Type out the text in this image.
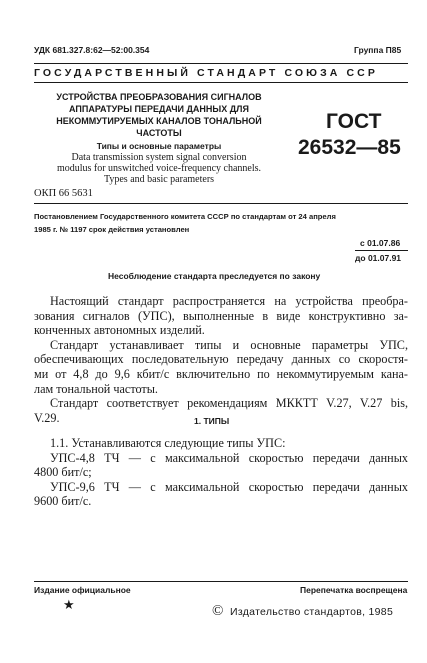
УДК 681.327.8:62—52:00.354	Группа П85

ГОСУДАРСТВЕННЫЙ СТАНДАРТ СОЮЗА ССР

УСТРОЙСТВА ПРЕОБРАЗОВАНИЯ СИГНАЛОВ
АППАРАТУРЫ ПЕРЕДАЧИ ДАННЫХ ДЛЯ
НЕКОММУТИРУЕМЫХ КАНАЛОВ ТОНАЛЬНОЙ
ЧАСТОТЫ
Типы и основные параметры
Data transmission system signal conversion
modulus for unswitched voice-frequency channels.
Types and basic parameters

ГОСТ

26532—85

ОКП 66 5631

Постановлением Государственного комитета СССР по стандартам от 24 апреля

1985 г. № 1197 срок действия установлен

с 01.07.86

до 01.07.91

Несоблюдение стандарта преследуется по закону

Настоящий стандарт распространяется на устройства преобра-
зования сигналов (УПС), выполненные в виде конструктивно за-
конченных автономных изделий.
Стандарт устанавливает типы и основные параметры УПС,
обеспечивающих последовательную передачу данных со скоростя-
ми от 4,8 до 9,6 кбит/с включительно по некоммутируемым кана-
лам тональной частоты.
Стандарт соответствует рекомендациям МККТТ V.27, V.27 bis,
V.29.	1. ТИПЫ

1.1. Устанавливаются следующие типы УПС:
УПС-4,8 ТЧ — с максимальной скоростью передачи данных
4800 бит/с;
УПС-9,6 ТЧ — с максимальной скоростью передачи данных
9600 бит/с.

Издание официальное	Перепечатка воспрещена

★	© Издательство стандартов, 1985
